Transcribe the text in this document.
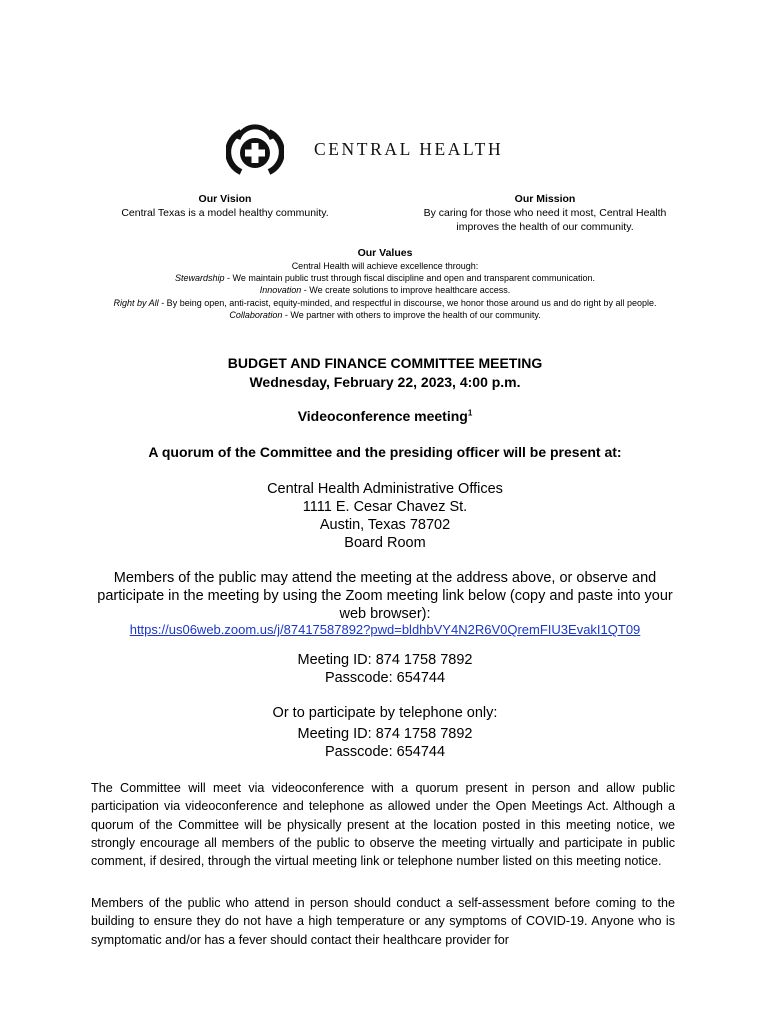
CENTRAL HEALTH
Our Vision
Central Texas is a model healthy community.
Our Mission
By caring for those who need it most, Central Health
improves the health of our community.
Our Values
Central Health will achieve excellence through:
Stewardship - We maintain public trust through fiscal discipline and open and transparent communication.
Innovation - We create solutions to improve healthcare access.
Right by All - By being open, anti-racist, equity-minded, and respectful in discourse, we honor those around us and do right by all people.
Collaboration - We partner with others to improve the health of our community.
BUDGET AND FINANCE COMMITTEE MEETING
Wednesday, February 22, 2023, 4:00 p.m.
Videoconference meeting$^1$
A quorum of the Committee and the presiding officer will be present at:
Central Health Administrative Offices
1111 E. Cesar Chavez St.
Austin, Texas 78702
Board Room
Members of the public may attend the meeting at the address above, or observe and participate in the meeting by using the Zoom meeting link below (copy and paste into your web browser):
https://us06web.zoom.us/j/87417587892?pwd=bldhbVY4N2R6V0QremFIU3EvakI1QT09
Meeting ID: 874 1758 7892
Passcode: 654744
Or to participate by telephone only:
Meeting ID: 874 1758 7892
Passcode: 654744
The Committee will meet via videoconference with a quorum present in person and allow public participation via videoconference and telephone as allowed under the Open Meetings Act. Although a quorum of the Committee will be physically present at the location posted in this meeting notice, we strongly encourage all members of the public to observe the meeting virtually and participate in public comment, if desired, through the virtual meeting link or telephone number listed on this meeting notice.
Members of the public who attend in person should conduct a self-assessment before coming to the building to ensure they do not have a high temperature or any symptoms of COVID-19. Anyone who is symptomatic and/or has a fever should contact their healthcare provider for
